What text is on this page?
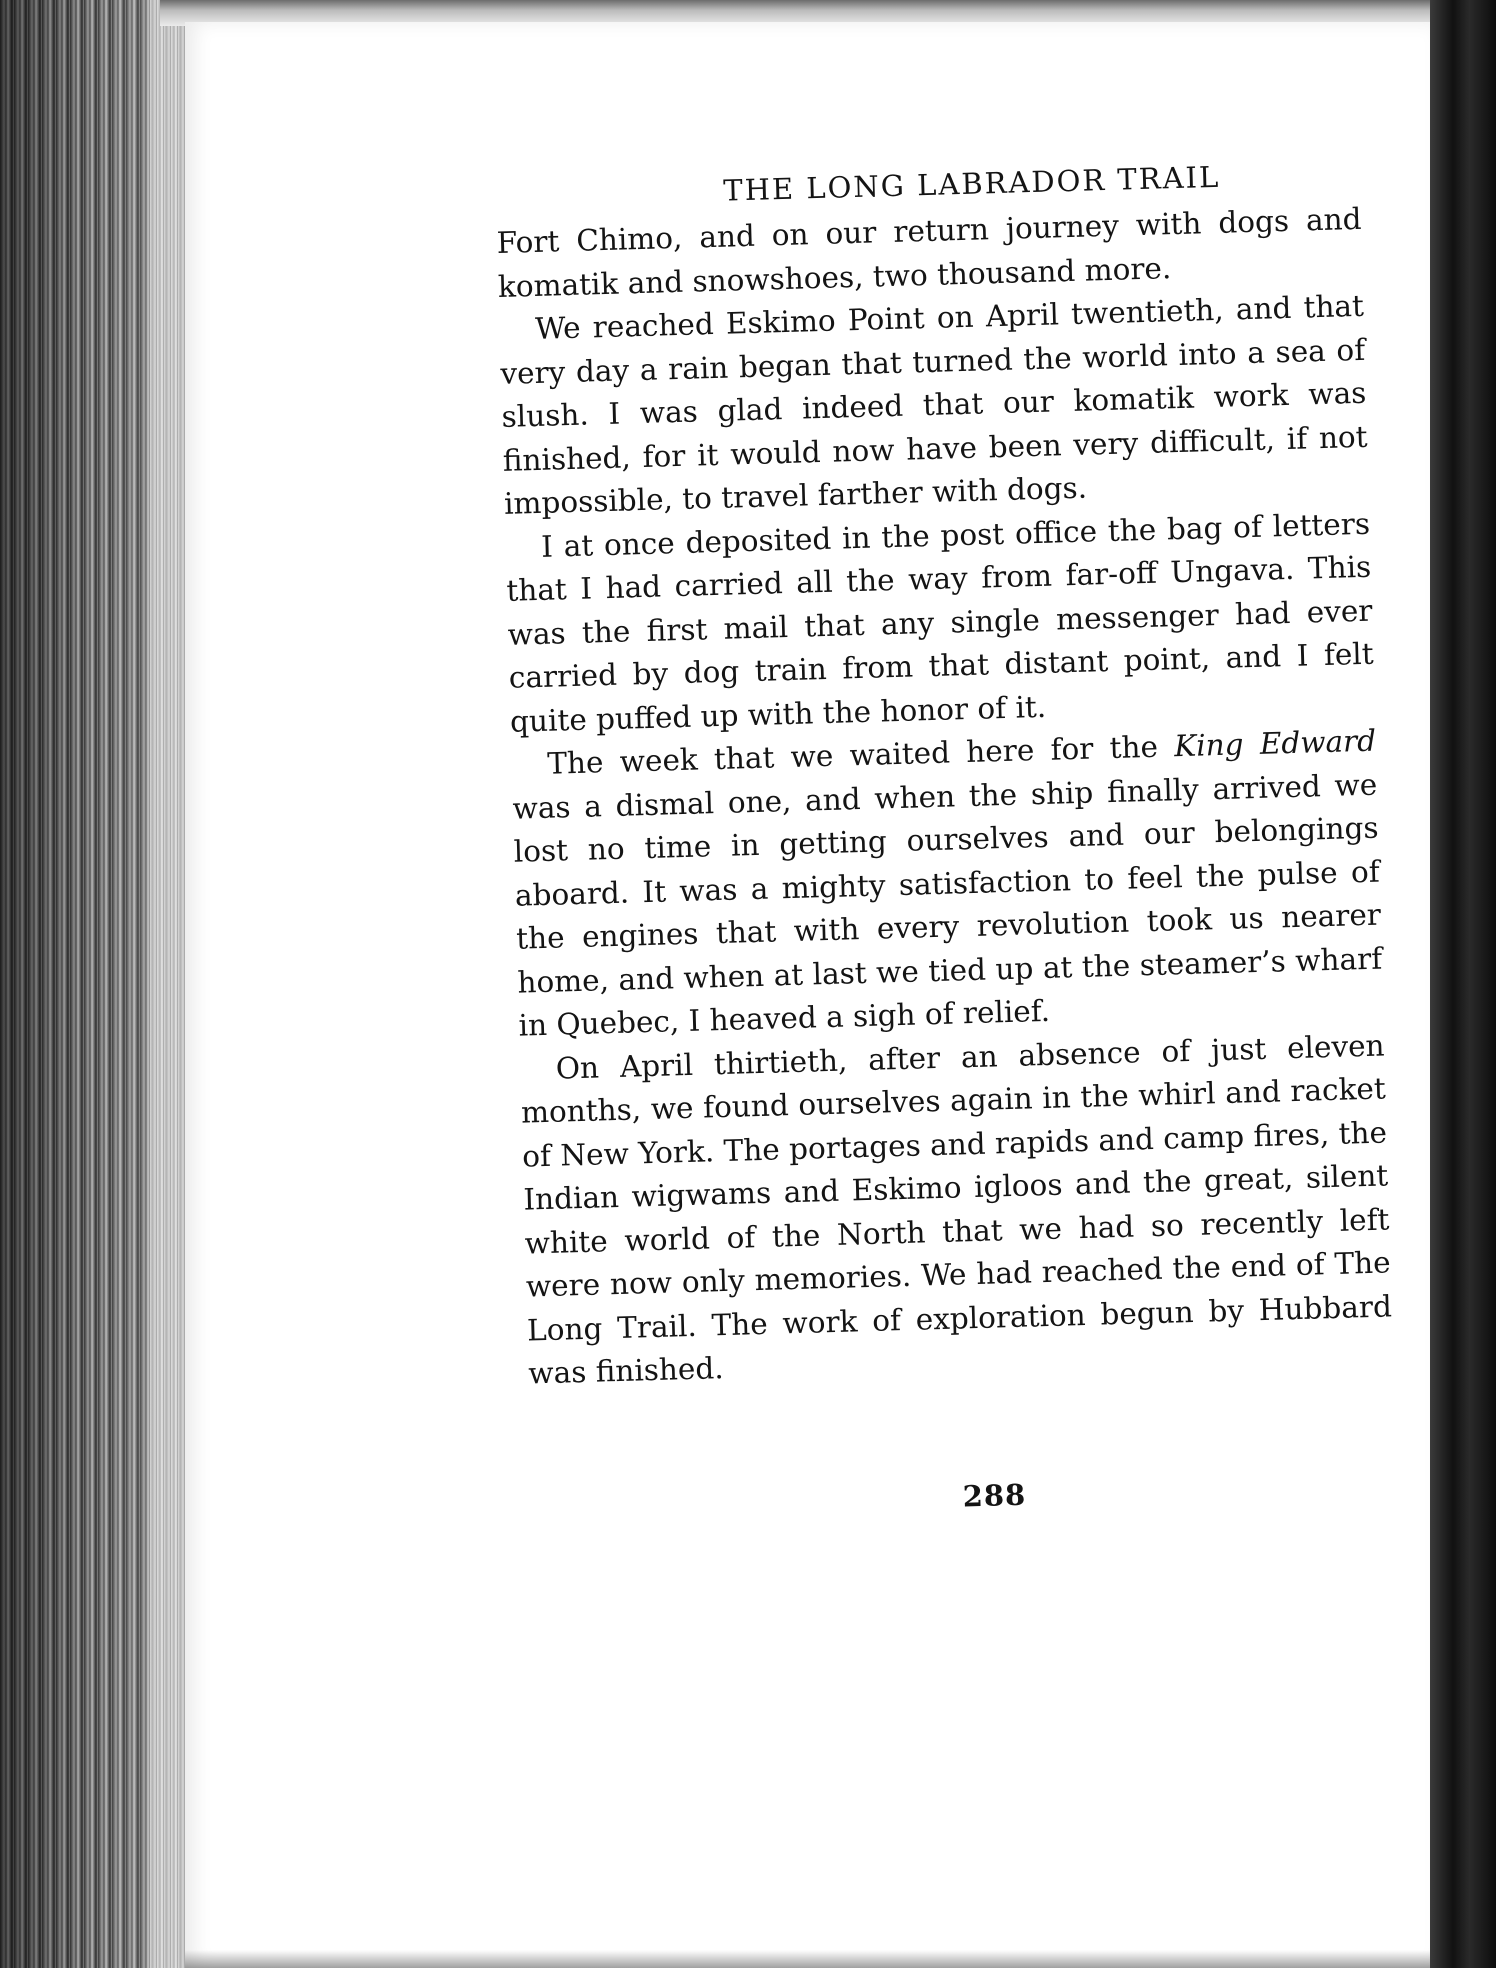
THE LONG LABRADOR TRAIL

Fort Chimo, and on our return journey with dogs and komatik and snowshoes, two thousand more.

We reached Eskimo Point on April twentieth, and that very day a rain began that turned the world into a sea of slush. I was glad indeed that our komatik work was finished, for it would now have been very difficult, if not impossible, to travel farther with dogs.

I at once deposited in the post office the bag of letters that I had carried all the way from far-off Ungava. This was the first mail that any single messenger had ever carried by dog train from that distant point, and I felt quite puffed up with the honor of it.

The week that we waited here for the King Edward was a dismal one, and when the ship finally arrived we lost no time in getting ourselves and our belongings aboard. It was a mighty satisfaction to feel the pulse of the engines that with every revolution took us nearer home, and when at last we tied up at the steamer’s wharf in Quebec, I heaved a sigh of relief.

On April thirtieth, after an absence of just eleven months, we found ourselves again in the whirl and racket of New York. The portages and rapids and camp fires, the Indian wigwams and Eskimo igloos and the great, silent white world of the North that we had so recently left were now only memories. We had reached the end of The Long Trail. The work of exploration begun by Hubbard was finished.

288
